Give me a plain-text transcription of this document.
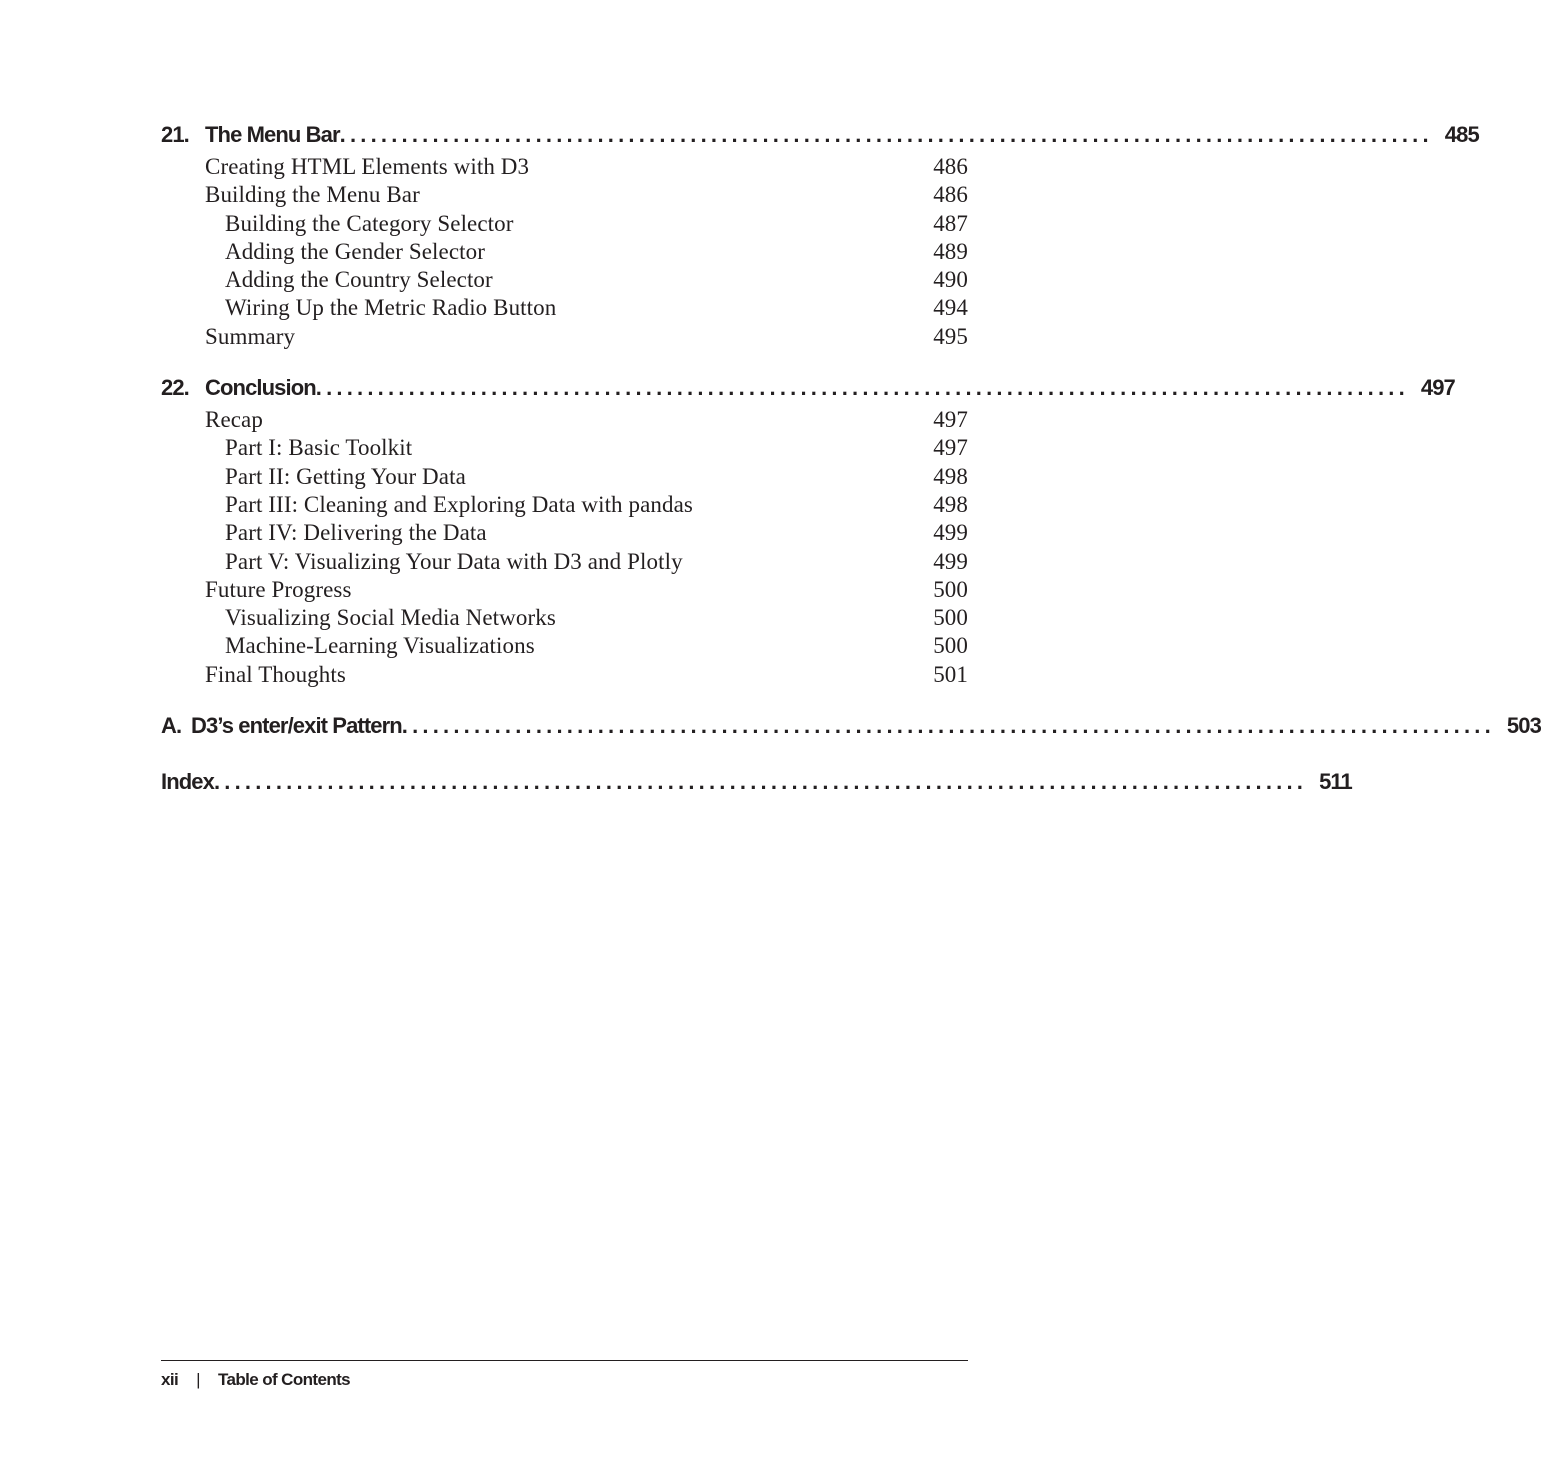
21. The Menu Bar .......................................................................................................... 485
Creating HTML Elements with D3	486
Building the Menu Bar	486
Building the Category Selector	487
Adding the Gender Selector	489
Adding the Country Selector	490
Wiring Up the Metric Radio Button	494
Summary	495
22. Conclusion .......................................................................................................... 497
Recap	497
Part I: Basic Toolkit	497
Part II: Getting Your Data	498
Part III: Cleaning and Exploring Data with pandas	498
Part IV: Delivering the Data	499
Part V: Visualizing Your Data with D3 and Plotly	499
Future Progress	500
Visualizing Social Media Networks	500
Machine-Learning Visualizations	500
Final Thoughts	501
A. D3’s enter/exit Pattern .......................................................................................................... 503
Index .......................................................................................................... 511
xii | Table of Contents
